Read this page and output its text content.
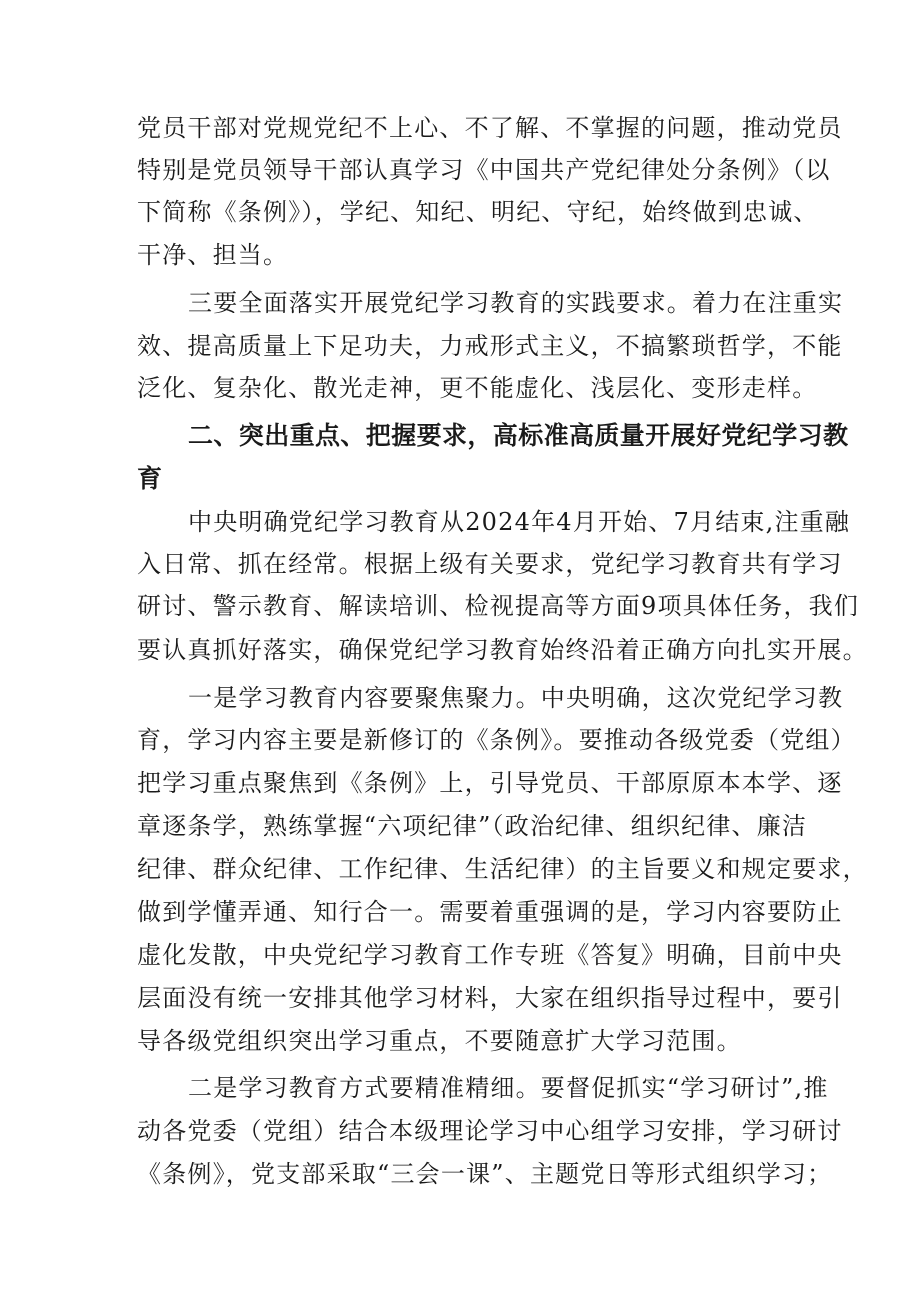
党员干部对党规党纪不上心、不了解、不掌握的问题，推动党员

特别是党员领导干部认真学习《中国共产党纪律处分条例》（以

下简称《条例》），学纪、知纪、明纪、守纪，始终做到忠诚、

干净、担当。

三要全面落实开展党纪学习教育的实践要求。着力在注重实

效、提高质量上下足功夫，力戒形式主义，不搞繁琐哲学，不能

泛化、复杂化、散光走神，更不能虚化、浅层化、变形走样。

二、突出重点、把握要求，高标准高质量开展好党纪学习教

育

中央明确党纪学习教育从2024年4月开始、7月结束,注重融

入日常、抓在经常。根据上级有关要求，党纪学习教育共有学习

研讨、警示教育、解读培训、检视提高等方面9项具体任务，我们

要认真抓好落实，确保党纪学习教育始终沿着正确方向扎实开展。

一是学习教育内容要聚焦聚力。中央明确，这次党纪学习教

育，学习内容主要是新修订的《条例》。要推动各级党委（党组）

把学习重点聚焦到《条例》上，引导党员、干部原原本本学、逐

章逐条学，熟练掌握“六项纪律”（政治纪律、组织纪律、廉洁

纪律、群众纪律、工作纪律、生活纪律）的主旨要义和规定要求，

做到学懂弄通、知行合一。需要着重强调的是，学习内容要防止

虚化发散，中央党纪学习教育工作专班《答复》明确，目前中央

层面没有统一安排其他学习材料，大家在组织指导过程中，要引

导各级党组织突出学习重点，不要随意扩大学习范围。

二是学习教育方式要精准精细。要督促抓实“学习研讨”,推

动各党委（党组）结合本级理论学习中心组学习安排，学习研讨

《条例》，党支部采取“三会一课”、主题党日等形式组织学习；
